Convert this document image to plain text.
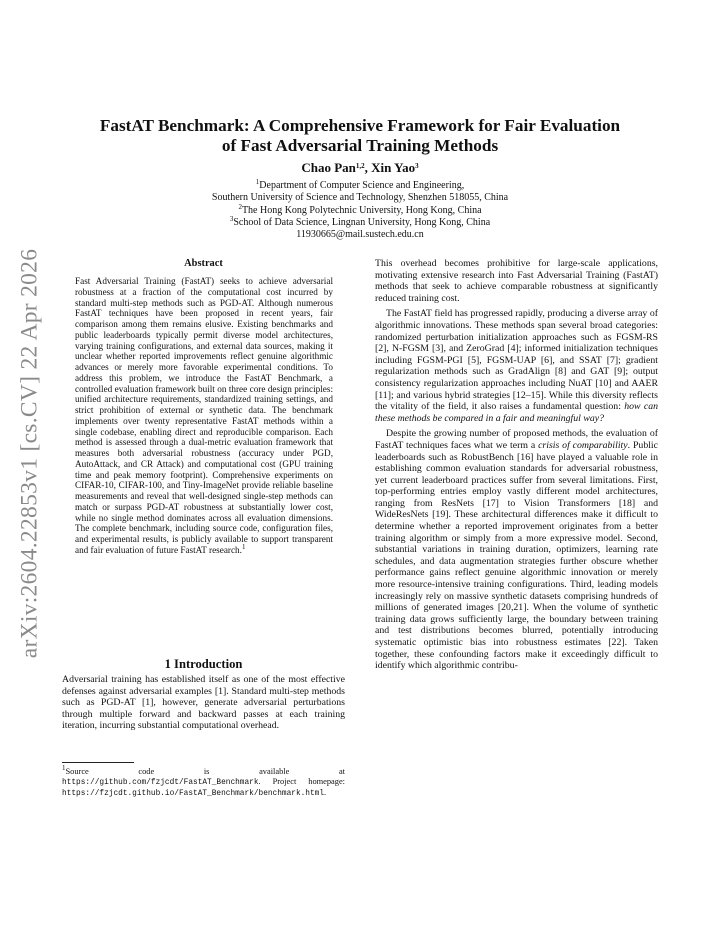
arXiv:2604.22853v1 [cs.CV] 22 Apr 2026
FastAT Benchmark: A Comprehensive Framework for Fair Evaluation
of Fast Adversarial Training Methods
Chao Pan$^{1,2}$, Xin Yao$^3$
$^1$Department of Computer Science and Engineering,
Southern University of Science and Technology, Shenzhen 518055, China
$^2$The Hong Kong Polytechnic University, Hong Kong, China
$^3$School of Data Science, Lingnan University, Hong Kong, China
11930665@mail.sustech.edu.cn
Abstract

Fast Adversarial Training (FastAT) seeks to achieve adversarial robustness at a fraction of the computational cost incurred by standard multi-step methods such as PGD-AT. Although numerous FastAT techniques have been proposed in recent years, fair comparison among them remains elusive. Existing benchmarks and public leaderboards typically permit diverse model architectures, varying training configurations, and external data sources, making it unclear whether reported improvements reflect genuine algorithmic advances or merely more favorable experimental conditions. To address this problem, we introduce the FastAT Benchmark, a controlled evaluation framework built on three core design principles: unified architecture requirements, standardized training settings, and strict prohibition of external or synthetic data. The benchmark implements over twenty representative FastAT methods within a single codebase, enabling direct and reproducible comparison. Each method is assessed through a dual-metric evaluation framework that measures both adversarial robustness (accuracy under PGD, AutoAttack, and CR Attack) and computational cost (GPU training time and peak memory footprint). Comprehensive experiments on CIFAR-10, CIFAR-100, and Tiny-ImageNet provide reliable baseline measurements and reveal that well-designed single-step methods can match or surpass PGD-AT robustness at substantially lower cost, while no single method dominates across all evaluation dimensions. The complete benchmark, including source code, configuration files, and experimental results, is publicly available to support transparent and fair evaluation of future FastAT research.$^1$

1 Introduction

Adversarial training has established itself as one of the most effective defenses against adversarial examples [1]. Standard multi-step methods such as PGD-AT [1], however, generate adversarial perturbations through multiple forward and backward passes at each training iteration, incurring substantial computational overhead.

$^1$Source code is available at https://github.com/fzjcdt/FastAT_Benchmark. Project homepage: https://fzjcdt.github.io/FastAT_Benchmark/benchmark.html.

This overhead becomes prohibitive for large-scale applications, motivating extensive research into Fast Adversarial Training (FastAT) methods that seek to achieve comparable robustness at significantly reduced training cost.

The FastAT field has progressed rapidly, producing a diverse array of algorithmic innovations. These methods span several broad categories: randomized perturbation initialization approaches such as FGSM-RS [2], N-FGSM [3], and ZeroGrad [4]; informed initialization techniques including FGSM-PGI [5], FGSM-UAP [6], and SSAT [7]; gradient regularization methods such as GradAlign [8] and GAT [9]; output consistency regularization approaches including NuAT [10] and AAER [11]; and various hybrid strategies [12–15]. While this diversity reflects the vitality of the field, it also raises a fundamental question: how can these methods be compared in a fair and meaningful way?

Despite the growing number of proposed methods, the evaluation of FastAT techniques faces what we term a crisis of comparability. Public leaderboards such as RobustBench [16] have played a valuable role in establishing common evaluation standards for adversarial robustness, yet current leaderboard practices suffer from several limitations. First, top-performing entries employ vastly different model architectures, ranging from ResNets [17] to Vision Transformers [18] and WideResNets [19]. These architectural differences make it difficult to determine whether a reported improvement originates from a better training algorithm or simply from a more expressive model. Second, substantial variations in training duration, optimizers, learning rate schedules, and data augmentation strategies further obscure whether performance gains reflect genuine algorithmic innovation or merely more resource-intensive training configurations. Third, leading models increasingly rely on massive synthetic datasets comprising hundreds of millions of generated images [20,21]. When the volume of synthetic training data grows sufficiently large, the boundary between training and test distributions becomes blurred, potentially introducing systematic optimistic bias into robustness estimates [22]. Taken together, these confounding factors make it exceedingly difficult to identify which algorithmic contribu-
